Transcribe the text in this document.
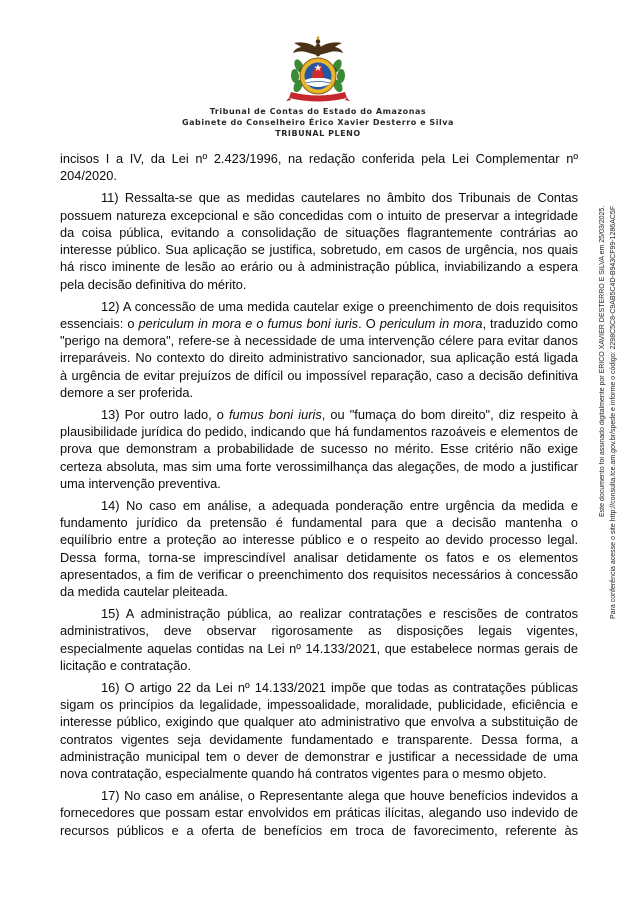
Tribunal de Contas do Estado do Amazonas
Gabinete do Conselheiro Érico Xavier Desterro e Silva
TRIBUNAL PLENO
incisos I a IV, da Lei nº 2.423/1996, na redação conferida pela Lei Complementar nº
204/2020.
11) Ressalta-se que as medidas cautelares no âmbito dos Tribunais de Contas
possuem natureza excepcional e são concedidas com o intuito de preservar a integridade
da coisa pública, evitando a consolidação de situações flagrantemente contrárias ao
interesse público. Sua aplicação se justifica, sobretudo, em casos de urgência, nos quais
há risco iminente de lesão ao erário ou à administração pública, inviabilizando a espera
pela decisão definitiva do mérito.
12) A concessão de uma medida cautelar exige o preenchimento de dois requisitos
essenciais: o periculum in mora e o fumus boni iuris. O periculum in mora, traduzido como
"perigo na demora", refere-se à necessidade de uma intervenção célere para evitar danos
irreparáveis. No contexto do direito administrativo sancionador, sua aplicação está ligada
à urgência de evitar prejuízos de difícil ou impossível reparação, caso a decisão definitiva
demore a ser proferida.
13) Por outro lado, o fumus boni iuris, ou "fumaça do bom direito", diz respeito à
plausibilidade jurídica do pedido, indicando que há fundamentos razoáveis e elementos de
prova que demonstram a probabilidade de sucesso no mérito. Esse critério não exige
certeza absoluta, mas sim uma forte verossimilhança das alegações, de modo a justificar
uma intervenção preventiva.
14) No caso em análise, a adequada ponderação entre urgência da medida e
fundamento jurídico da pretensão é fundamental para que a decisão mantenha o
equilíbrio entre a proteção ao interesse público e o respeito ao devido processo legal.
Dessa forma, torna-se imprescindível analisar detidamente os fatos e os elementos
apresentados, a fim de verificar o preenchimento dos requisitos necessários à concessão
da medida cautelar pleiteada.
15) A administração pública, ao realizar contratações e rescisões de contratos
administrativos, deve observar rigorosamente as disposições legais vigentes,
especialmente aquelas contidas na Lei nº 14.133/2021, que estabelece normas gerais de
licitação e contratação.
16) O artigo 22 da Lei nº 14.133/2021 impõe que todas as contratações públicas
sigam os princípios da legalidade, impessoalidade, moralidade, publicidade, eficiência e
interesse público, exigindo que qualquer ato administrativo que envolva a substituição de
contratos vigentes seja devidamente fundamentado e transparente. Dessa forma, a
administração municipal tem o dever de demonstrar e justificar a necessidade de uma
nova contratação, especialmente quando há contratos vigentes para o mesmo objeto.
17) No caso em análise, o Representante alega que houve benefícios indevidos a
fornecedores que possam estar envolvidos em práticas ilícitas, alegando uso indevido de
recursos públicos e a oferta de benefícios em troca de favorecimento, referente às
Este documento foi assinado digitalmente por ERICO XAVIER DESTERRO E SILVA em 25/03/2025. Para conferência acesse o site http://consulta.tce.am.gov.br/spede e informe o código: 2298C5C8-C9AB5C4D-B943CF99-1286AC5F
